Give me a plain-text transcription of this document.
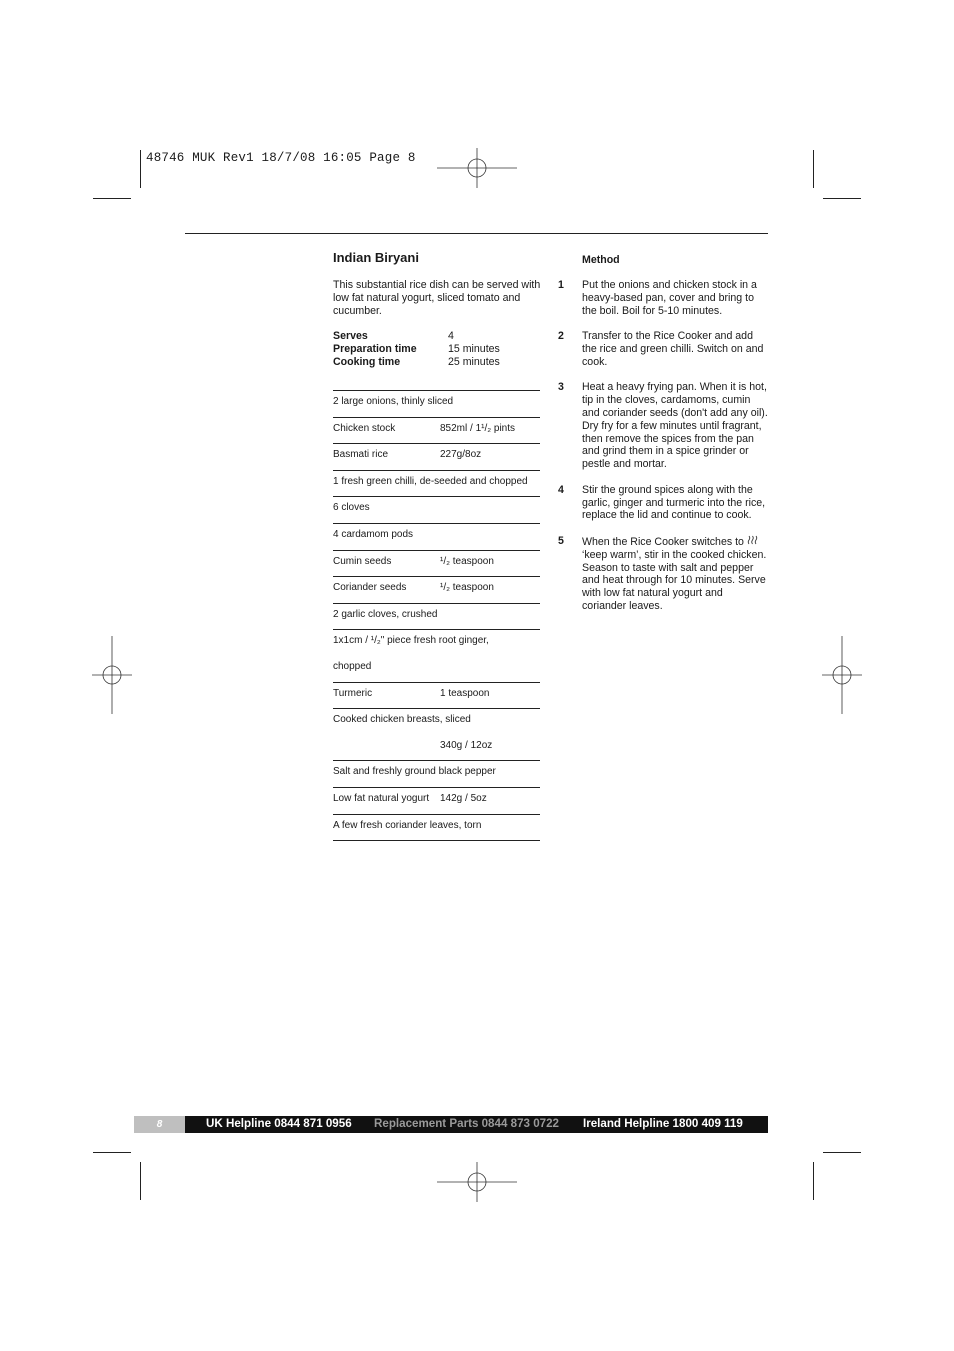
48746 MUK Rev1 18/7/08 16:05 Page 8
Indian Biryani
This substantial rice dish can be served with low fat natural yogurt, sliced tomato and cucumber.
Serves	4
Preparation time	15 minutes
Cooking time	25 minutes
2 large onions, thinly sliced
Chicken stock	852ml / 1¹/₂ pints
Basmati rice	227g/8oz
1 fresh green chilli, de-seeded and chopped
6 cloves
4 cardamom pods
Cumin seeds	¹/₂ teaspoon
Coriander seeds	¹/₂ teaspoon
2 garlic cloves, crushed
1x1cm / ¹/₂" piece fresh root ginger,
chopped
Turmeric	1 teaspoon
Cooked chicken breasts, sliced
340g / 12oz
Salt and freshly ground black pepper
Low fat natural yogurt 142g / 5oz
A few fresh coriander leaves, torn
Method
1 Put the onions and chicken stock in a heavy-based pan, cover and bring to the boil. Boil for 5-10 minutes.
2 Transfer to the Rice Cooker and add the rice and green chilli. Switch on and cook.
3 Heat a heavy frying pan. When it is hot, tip in the cloves, cardamoms, cumin and coriander seeds (don't add any oil). Dry fry for a few minutes until fragrant, then remove the spices from the pan and grind them in a spice grinder or pestle and mortar.
4 Stir the ground spices along with the garlic, ginger and turmeric into the rice, replace the lid and continue to cook.
5 When the Rice Cooker switches to  ‘keep warm’, stir in the cooked chicken. Season to taste with salt and pepper and heat through for 10 minutes. Serve with low fat natural yogurt and coriander leaves.
8	UK Helpline 0844 871 0956 Replacement Parts 0844 873 0722 Ireland Helpline 1800 409 119
